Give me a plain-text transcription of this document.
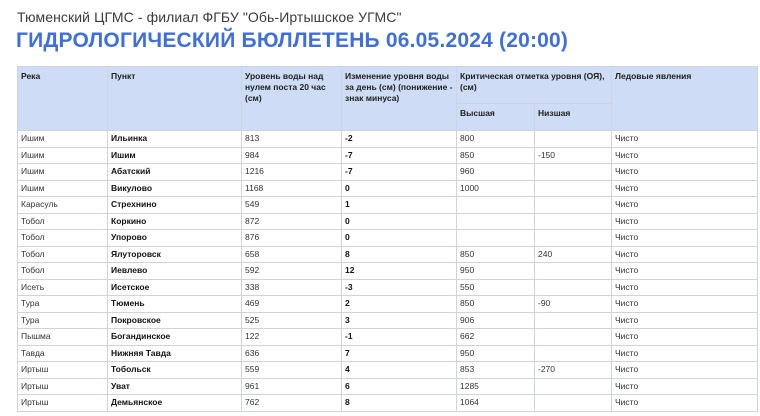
Тюменский ЦГМС - филиал ФГБУ "Обь-Иртышское УГМС"
ГИДРОЛОГИЧЕСКИЙ БЮЛЛЕТЕНЬ 06.05.2024 (20:00)
Река	Пункт	Уровень воды над нулем поста 20 час (см)	Изменение уровня воды за день (см) (понижение - знак минуса)	Критическая отметка уровня (ОЯ), (см)		Ледовые явления
				Высшая	Низшая	
Ишим	Ильинка	813	-2	800		Чисто
Ишим	Ишим	984	-7	850	-150	Чисто
Ишим	Абатский	1216	-7	960		Чисто
Ишим	Викулово	1168	0	1000		Чисто
Карасуль	Стрехнино	549	1			Чисто
Тобол	Коркино	872	0			Чисто
Тобол	Упорово	876	0			Чисто
Тобол	Ялуторовск	658	8	850	240	Чисто
Тобол	Иевлево	592	12	950		Чисто
Исеть	Исетское	338	-3	550		Чисто
Тура	Тюмень	469	2	850	-90	Чисто
Тура	Покровское	525	3	906		Чисто
Пышма	Богандинское	122	-1	662		Чисто
Тавда	Нижняя Тавда	636	7	950		Чисто
Иртыш	Тобольск	559	4	853	-270	Чисто
Иртыш	Уват	961	6	1285		Чисто
Иртыш	Демьянское	762	8	1064		Чисто
